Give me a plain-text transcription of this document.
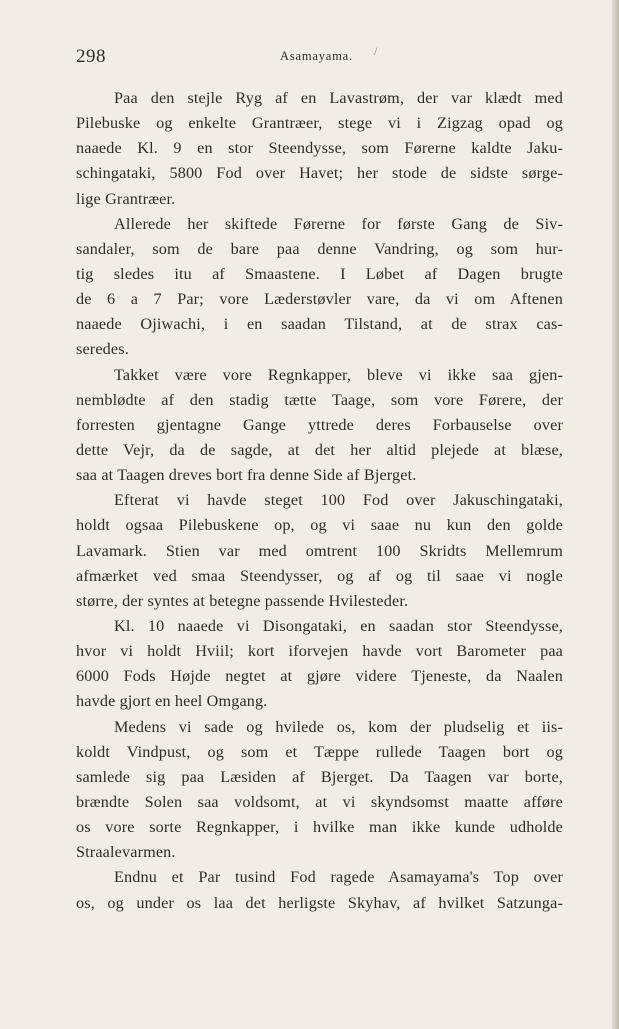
298	Asamayama. /

Paa den stejle Ryg af en Lavastrøm, der var klædt med
Pilebuske og enkelte Grantræer, stege vi i Zigzag opad og
naaede Kl. 9 en stor Steendysse, som Førerne kaldte Jaku-
schingataki, 5800 Fod over Havet; her stode de sidste sørge-
lige Grantræer.

Allerede her skiftede Førerne for første Gang de Siv-
sandaler, som de bare paa denne Vandring, og som hur-
tig sledes itu af Smaastene. I Løbet af Dagen brugte
de 6 a 7 Par; vore Læderstøvler vare, da vi om Aftenen
naaede Ojiwachi, i en saadan Tilstand, at de strax cas-
seredes.

Takket være vore Regnkapper, bleve vi ikke saa gjen-
nemblødte af den stadig tætte Taage, som vore Førere, der
forresten gjentagne Gange yttrede deres Forbauselse over
dette Vejr, da de sagde, at det her altid plejede at blæse,
saa at Taagen dreves bort fra denne Side af Bjerget.

Efterat vi havde steget 100 Fod over Jakuschingataki,
holdt ogsaa Pilebuskene op, og vi saae nu kun den golde
Lavamark. Stien var med omtrent 100 Skridts Mellemrum
afmærket ved smaa Steendysser, og af og til saae vi nogle
større, der syntes at betegne passende Hvilesteder.

Kl. 10 naaede vi Disongataki, en saadan stor Steendysse,
hvor vi holdt Hviil; kort iforvejen havde vort Barometer paa
6000 Fods Højde negtet at gjøre videre Tjeneste, da Naalen
havde gjort en heel Omgang.

Medens vi sade og hvilede os, kom der pludselig et iis-
koldt Vindpust, og som et Tæppe rullede Taagen bort og
samlede sig paa Læsiden af Bjerget. Da Taagen var borte,
brændte Solen saa voldsomt, at vi skyndsomst maatte afføre
os vore sorte Regnkapper, i hvilke man ikke kunde udholde
Straalevarmen.

Endnu et Par tusind Fod ragede Asamayama's Top over
os, og under os laa det herligste Skyhav, af hvilket Satzunga-
